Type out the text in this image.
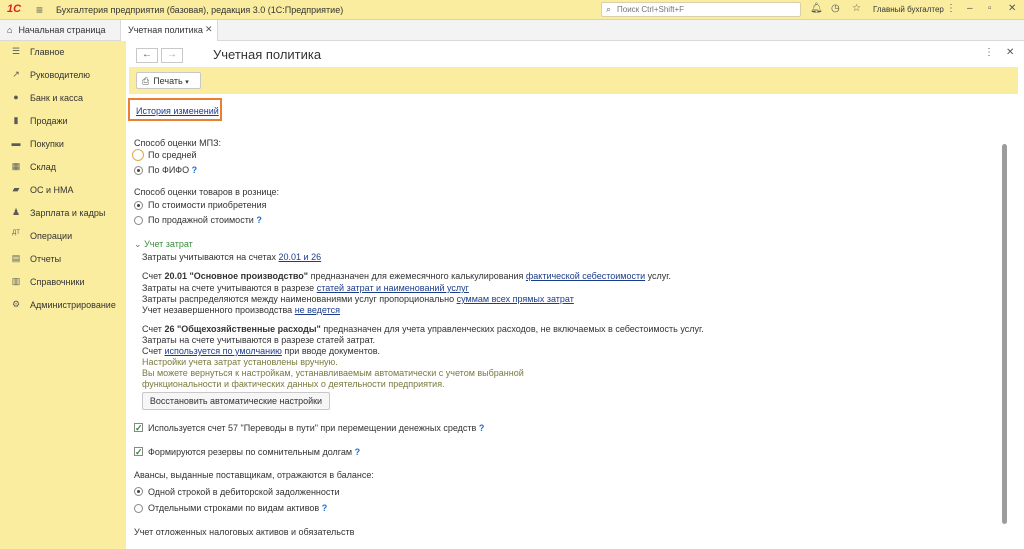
1С ≡ Бухгалтерия предприятия (базовая), редакция 3.0 (1С:Предприятие)	⌕
Поиск Ctrl+Shift+F	🔔︎ ◷ ☆ Главный бухгалтер ⋮ – ▫ ✕
⌂ Начальная страница	Учетная политика ✕
☰ Главное
↗ Руководителю
●	Банк и касса
▮	Продажи
▬ Покупки
▦ Склад
▰ ОС и НМА
♟ Зарплата и кадры
ДТ Операции
▤ Отчеты
▥ Справочники
⚙ Администрирование
←	→	Учетная политика	⋮ ✕
⎙ Печать ▾
История изменений
Способ оценки МПЗ:
По средней
По ФИФО ?
Способ оценки товаров в рознице:
По стоимости приобретения
По продажной стоимости ?
⌄ Учет затрат
Затраты учитываются на счетах 20.01 и 26
Счет 20.01 "Основное производство" предназначен для ежемесячного калькулирования фактической себестоимости услуг.
Затраты на счете учитываются в разрезе статей затрат и наименований услуг
Затраты распределяются между наименованиями услуг пропорционально суммам всех прямых затрат
Учет незавершенного производства не ведется
Счет 26 "Общехозяйственные расходы" предназначен для учета управленческих расходов, не включаемых в себестоимость услуг.
Затраты на счете учитываются в разрезе статей затрат.
Счет используется по умолчанию при вводе документов.
Настройки учета затрат установлены вручную.
Вы можете вернуться к настройкам, устанавливаемым автоматически с учетом выбранной
функциональности и фактических данных о деятельности предприятия.
Восстановить автоматические настройки
✓ Используется счет 57 "Переводы в пути" при перемещении денежных средств ?
✓ Формируются резервы по сомнительным долгам ?
Авансы, выданные поставщикам, отражаются в балансе:
Одной строкой в дебиторской задолженности
Отдельными строками по видам активов ?
Учет отложенных налоговых активов и обязательств
